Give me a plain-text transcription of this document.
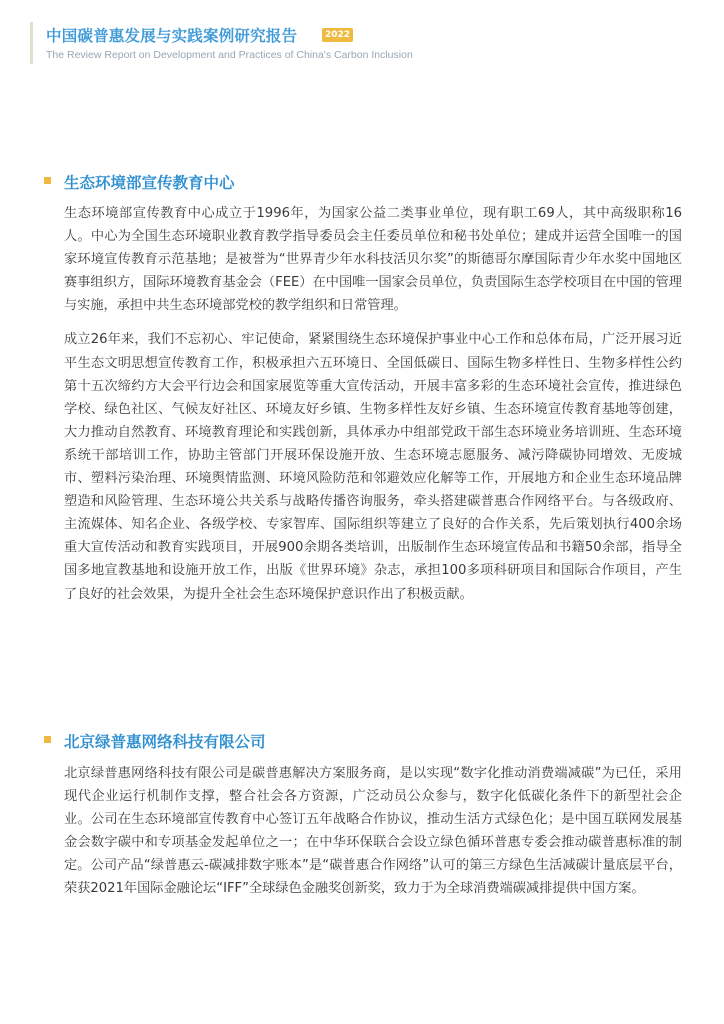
中国碳普惠发展与实践案例研究报告	2022
The Review Report on Development and Practices of China's Carbon Inclusion
生态环境部宣传教育中心

生态环境部宣传教育中心成立于1996年，为国家公益二类事业单位，现有职工69人，其中高级职称16人。中心为全国生态环境职业教育教学指导委员会主任委员单位和秘书处单位；建成并运营全国唯一的国家环境宣传教育示范基地；是被誉为“世界青少年水科技活贝尔奖”的斯德哥尔摩国际青少年水奖中国地区赛事组织方，国际环境教育基金会（FEE）在中国唯一国家会员单位，负责国际生态学校项目在中国的管理与实施，承担中共生态环境部党校的教学组织和日常管理。

成立26年来，我们不忘初心、牢记使命，紧紧围绕生态环境保护事业中心工作和总体布局，广泛开展习近平生态文明思想宣传教育工作，积极承担六五环境日、全国低碳日、国际生物多样性日、生物多样性公约第十五次缔约方大会平行边会和国家展览等重大宣传活动，开展丰富多彩的生态环境社会宣传，推进绿色学校、绿色社区、气候友好社区、环境友好乡镇、生物多样性友好乡镇、生态环境宣传教育基地等创建，大力推动自然教育、环境教育理论和实践创新，具体承办中组部党政干部生态环境业务培训班、生态环境系统干部培训工作，协助主管部门开展环保设施开放、生态环境志愿服务、减污降碳协同增效、无废城市、塑料污染治理、环境舆情监测、环境风险防范和邻避效应化解等工作，开展地方和企业生态环境品牌塑造和风险管理、生态环境公共关系与战略传播咨询服务，牵头搭建碳普惠合作网络平台。与各级政府、主流媒体、知名企业、各级学校、专家智库、国际组织等建立了良好的合作关系，先后策划执行400余场重大宣传活动和教育实践项目，开展900余期各类培训，出版制作生态环境宣传品和书籍50余部，指导全国多地宣教基地和设施开放工作，出版《世界环境》杂志，承担100多项科研项目和国际合作项目，产生了良好的社会效果，为提升全社会生态环境保护意识作出了积极贡献。

北京绿普惠网络科技有限公司

北京绿普惠网络科技有限公司是碳普惠解决方案服务商，是以实现“数字化推动消费端减碳”为已任，采用现代企业运行机制作支撑，整合社会各方资源，广泛动员公众参与，数字化低碳化条件下的新型社会企业。公司在生态环境部宣传教育中心签订五年战略合作协议，推动生活方式绿色化；是中国互联网发展基金会数字碳中和专项基金发起单位之一；在中华环保联合会设立绿色循环普惠专委会推动碳普惠标准的制定。公司产品“绿普惠云-碳减排数字账本”是“碳普惠合作网络”认可的第三方绿色生活减碳计量底层平台，荣获2021年国际金融论坛“IFF”全球绿色金融奖创新奖，致力于为全球消费端碳减排提供中国方案。
